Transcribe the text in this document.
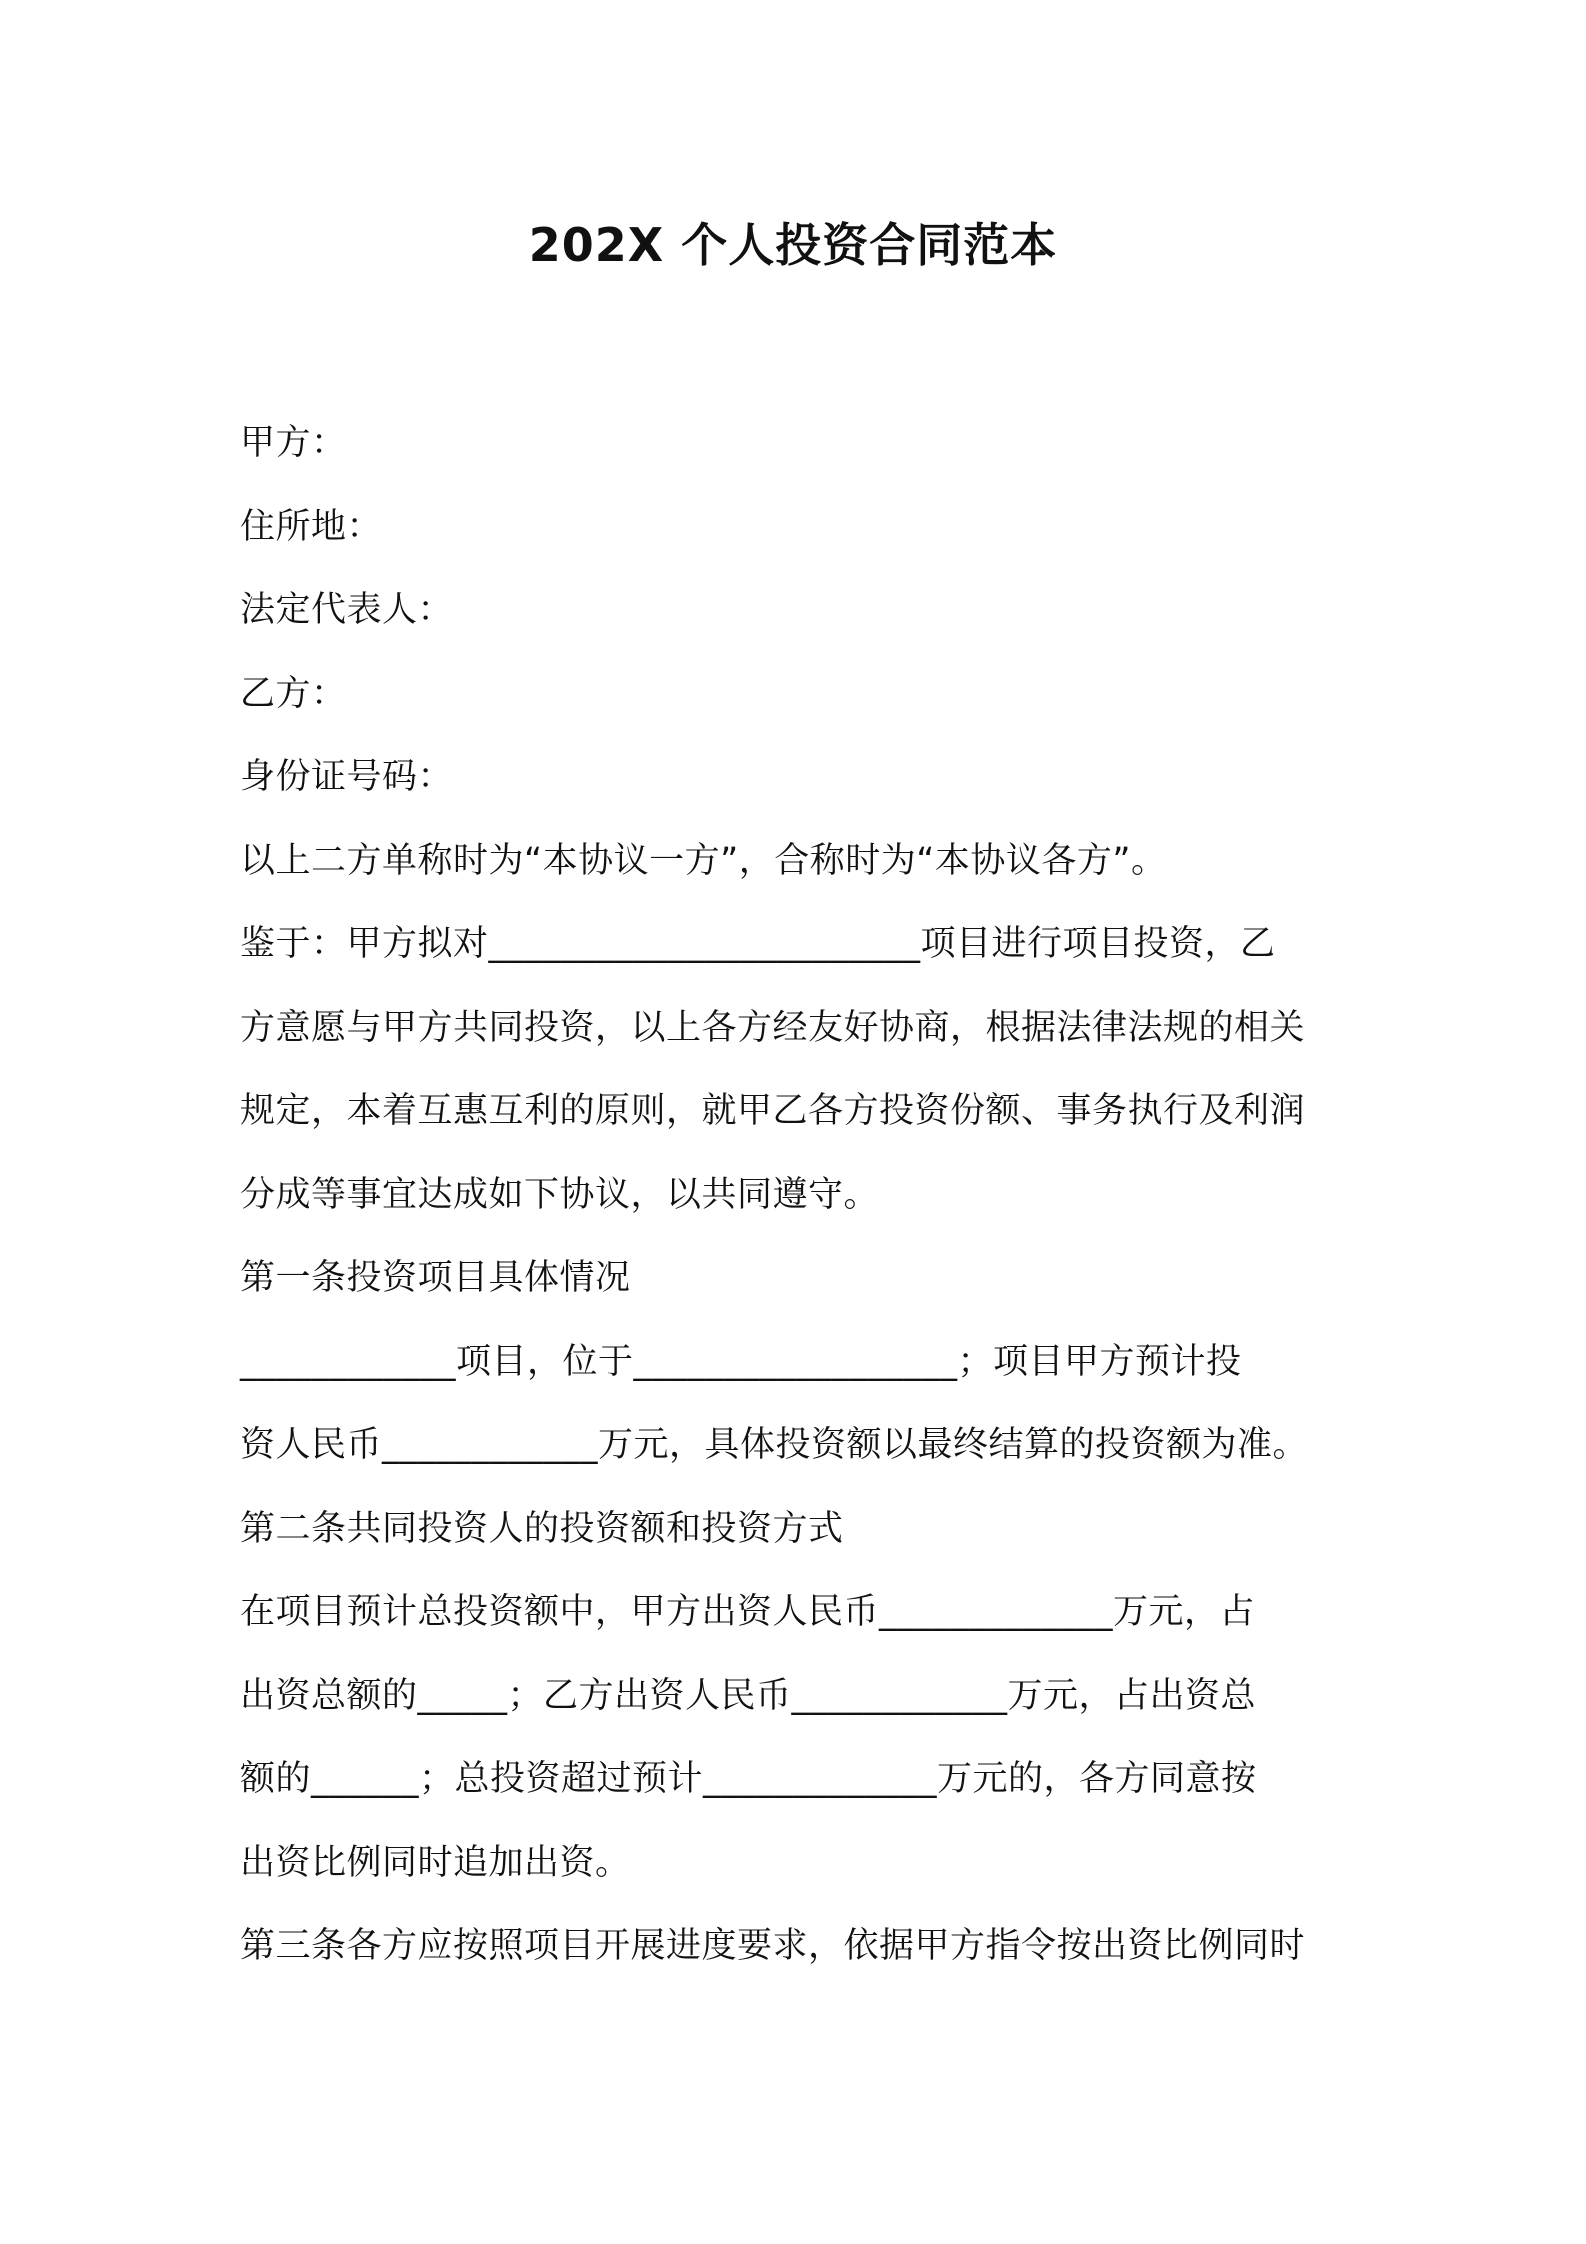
202X 个人投资合同范本
甲方：
住所地：
法定代表人：
乙方：
身份证号码：
以上二方单称时为“本协议一方”，合称时为“本协议各方”。
鉴于：甲方拟对________________________项目进行项目投资，乙
方意愿与甲方共同投资，以上各方经友好协商，根据法律法规的相关
规定，本着互惠互利的原则，就甲乙各方投资份额、事务执行及利润
分成等事宜达成如下协议，以共同遵守。
第一条投资项目具体情况
____________项目，位于__________________；项目甲方预计投
资人民币____________万元，具体投资额以最终结算的投资额为准。
第二条共同投资人的投资额和投资方式
在项目预计总投资额中，甲方出资人民币_____________万元，占
出资总额的_____；乙方出资人民币____________万元，占出资总
额的______；总投资超过预计_____________万元的，各方同意按
出资比例同时追加出资。
第三条各方应按照项目开展进度要求，依据甲方指令按出资比例同时
